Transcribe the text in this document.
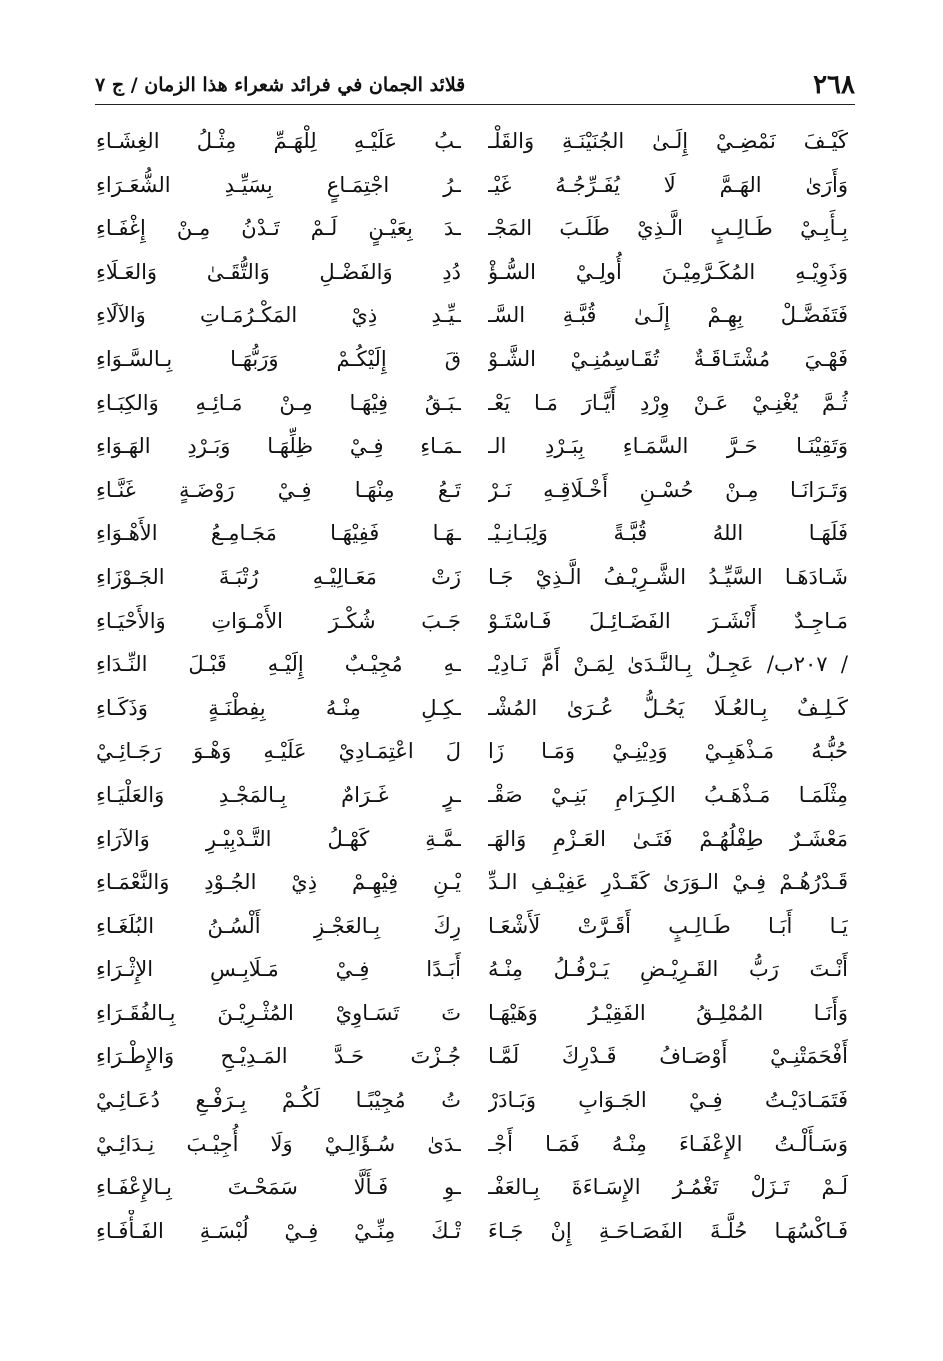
٢٦٨
قلائد الجمان في فرائد شعراء هذا الزمان / ج ٧
كَيْـفَ نَمْضِـيْ إِلَـىٰ الجُنَيْنَـةِ وَالقَلْـ
وَأَرَىٰ الهَـمَّ لَا يُفَـرِّجُـهُ غَيْـ
بِـأَبِـيْ طَـالِـبٍ الَّـذِيْ طَلَـبَ المَجْـ
وَذَوِيْـهِ المُكَـرَّمِيْـنَ أُولِـيْ السُّـؤْ
فَتَفَضَّـلْ بِهِـمْ إِلَـىٰ قُبَّـةِ السَّـ
فَهْـيَ مُشْتَـاقَـةٌ تُقَـاسِمُنِـيْ الشَّـوْ
ثُـمَّ يُغْنِـيْ عَـنْ وِرْدِ أَيَّـارَ مَـا يَعْـ
وَتَقِيْنَـا حَـرَّ السَّمَـاءِ بِبَـرْدِ الـ
وَتَـرَانَـا مِـنْ حُسْـنِ أَخْـلَاقِـهِ نَـرْ
فَلَهَـا اللهُ قُبَّـةً وَلِبَـانِـيْـ
شَـادَهَـا السَّيِّـدُ الشَّـرِيْـفُ الَّـذِيْ جَـا
مَـاجِـدٌ أَنْشَـرَ الفَضَـائِـلَ فَـاسْتَـوْ
/ ٢٠٧ب/ عَجِـلٌ بِـالنَّـدَىٰ لِمَـنْ أَمَّ نَـادِيْـ
كَـلِـفٌ بِـالعُـلَا يَحُـلُّ عُـرَىٰ المُشْـ
حُبُّـهُ مَـذْهَبِـيْ وَدِيْنِـيْ وَمَـا زَا
مِثْلَمَـا مَـذْهَـبُ الكِـرَامِ بَنِـيْ صَقْـ
مَعْشَـرٌ طِفْلُهُـمْ فَتَـىٰ العَـزْمِ وَالهَـ
قَـدْرُهُـمْ فِـيْ الـوَرَىٰ كَقَـدْرِ عَفِيْـفِ الـدِّ
يَـا أَبَـا طَـالِـبٍ أَقَـرَّتْ لَأَشْعَـا
أَنْـتَ رَبُّ القَـرِيْـضِ يَـرْفُـلُ مِنْـهُ
وَأَنَـا المُمْلِـقُ الفَقِيْـرُ وَهَيْهَـا
أَفْحَمَتْنِـيْ أَوْصَـافُ قَـدْرِكَ لَمَّـا
فَتَمَـادَيْـتُ فِـيْ الجَـوَابِ وَبَـادَرْ
وَسَـأَلْـتُ الإِعْفَـاءَ مِنْـهُ فَمَـا أَجْـ
لَـمْ تَـزَلْ تَغْمُـرُ الإِسَـاءَةَ بِـالعَفْـ
فَـاكْسُهَـا حُلَّـةَ الفَصَـاحَـةِ إِنْ جَـاءَ
ـبُ عَلَيْـهِ لِلْهَـمِّ مِثْـلُ الغِشَـاءِ
ـرُ اجْتِمَـاعٍ بِسَيِّـدِ الشُّعَـرَاءِ
ـدَ بِعَيْـنٍ لَـمْ تَـدْنُ مِـنْ إِغْفَـاءِ
دُدِ وَالفَضْـلِ وَالتُّقَـىٰ وَالعَـلَاءِ
ـيِّـدِ ذِيْ المَكْـرُمَـاتِ وَالآلَاءِ
قَ إِلَيْكُـمْ وَرَبُّهَـا بِـالسَّـوَاءِ
ـبَـقُ فِيْهَـا مِـنْ مَـائِـهِ وَالكِبَـاءِ
ـمَـاءِ فِـيْ ظِلِّهَـا وَبَـرْدِ الهَـوَاءِ
تَـعُ مِنْهَـا فِـيْ رَوْضَـةٍ غَنَّـاءِ
ـهَـا فَفِيْهَـا مَجَـامِـعُ الأَهْـوَاءِ
زَتْ مَعَـالِيْـهِ رُتْبَـةَ الجَـوْزَاءِ
جَـبَ شُكْـرَ الأَمْـوَاتِ وَالأَحْيَـاءِ
ـهِ مُجِيْـبٌ إِلَيْـهِ قَبْـلَ النِّـدَاءِ
ـكِـلِ مِنْـهُ بِفِطْنَـةٍ وَذَكَـاءِ
لَ اعْتِمَـادِيْ عَلَيْـهِ وَهْـوَ رَجَـائِـيْ
ـرٍ غَـرَامٌ بِـالمَجْـدِ وَالعَلْيَـاءِ
ـمَّـةِ كَهْـلُ التَّـدْبِيْـرِ وَالآرَاءِ
يْـنِ فِيْهِـمْ ذِيْ الجُـوْدِ وَالنَّعْمَـاءِ
رِكَ بِـالعَجْـزِ أَلْسُـنُ البُلَغَـاءِ
أَبَـدًا فِـيْ مَـلَابِـسِ الإِثْـرَاءِ
تَ تَسَـاوِيْ المُثْـرِيْـنَ بِـالفُقَـرَاءِ
جُـزْتَ حَـدَّ المَـدِيْـحِ وَالإِطْـرَاءِ
تُ مُجِيْبًـا لَكُـمْ بِـرَفْـعِ دُعَـائِـيْ
ـدَىٰ سُـؤَالِـيْ وَلَا أُجِيْـبَ نِـدَائِـيْ
ـوِ فَـأَلَّا سَمَحْـتَ بِـالإِعْفَـاءِ
تْـكَ مِنِّـيْ فِـيْ لُبْسَـةِ الفَـأْفَـاءِ
